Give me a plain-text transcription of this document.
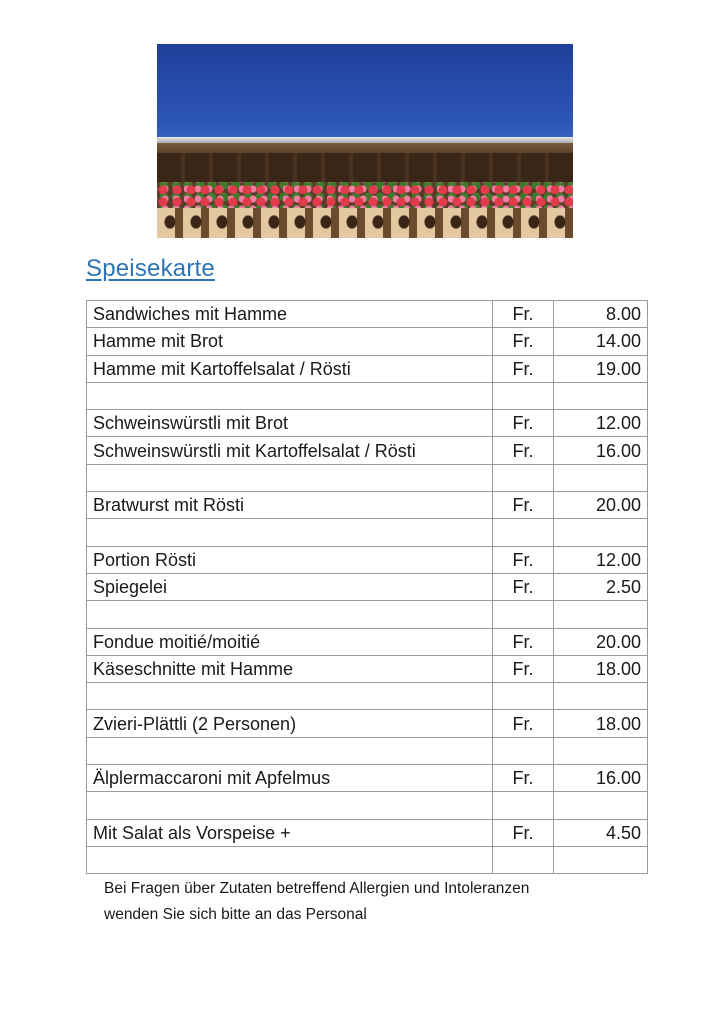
Speisekarte
Sandwiches mit Hamme	Fr.	8.00
Hamme mit Brot	Fr.	14.00
Hamme mit Kartoffelsalat / Rösti	Fr.	19.00

Schweinswürstli mit Brot	Fr.	12.00
Schweinswürstli mit Kartoffelsalat / Rösti	Fr.	16.00

Bratwurst mit Rösti	Fr.	20.00

Portion Rösti	Fr.	12.00
Spiegelei	Fr.	2.50

Fondue moitié/moitié	Fr.	20.00
Käseschnitte mit Hamme	Fr.	18.00

Zvieri-Plättli (2 Personen)	Fr.	18.00

Älplermaccaroni mit Apfelmus	Fr.	16.00

Mit Salat als Vorspeise +	Fr.	4.50

Bei Fragen über Zutaten betreffend Allergien und Intoleranzen

wenden Sie sich bitte an das Personal
